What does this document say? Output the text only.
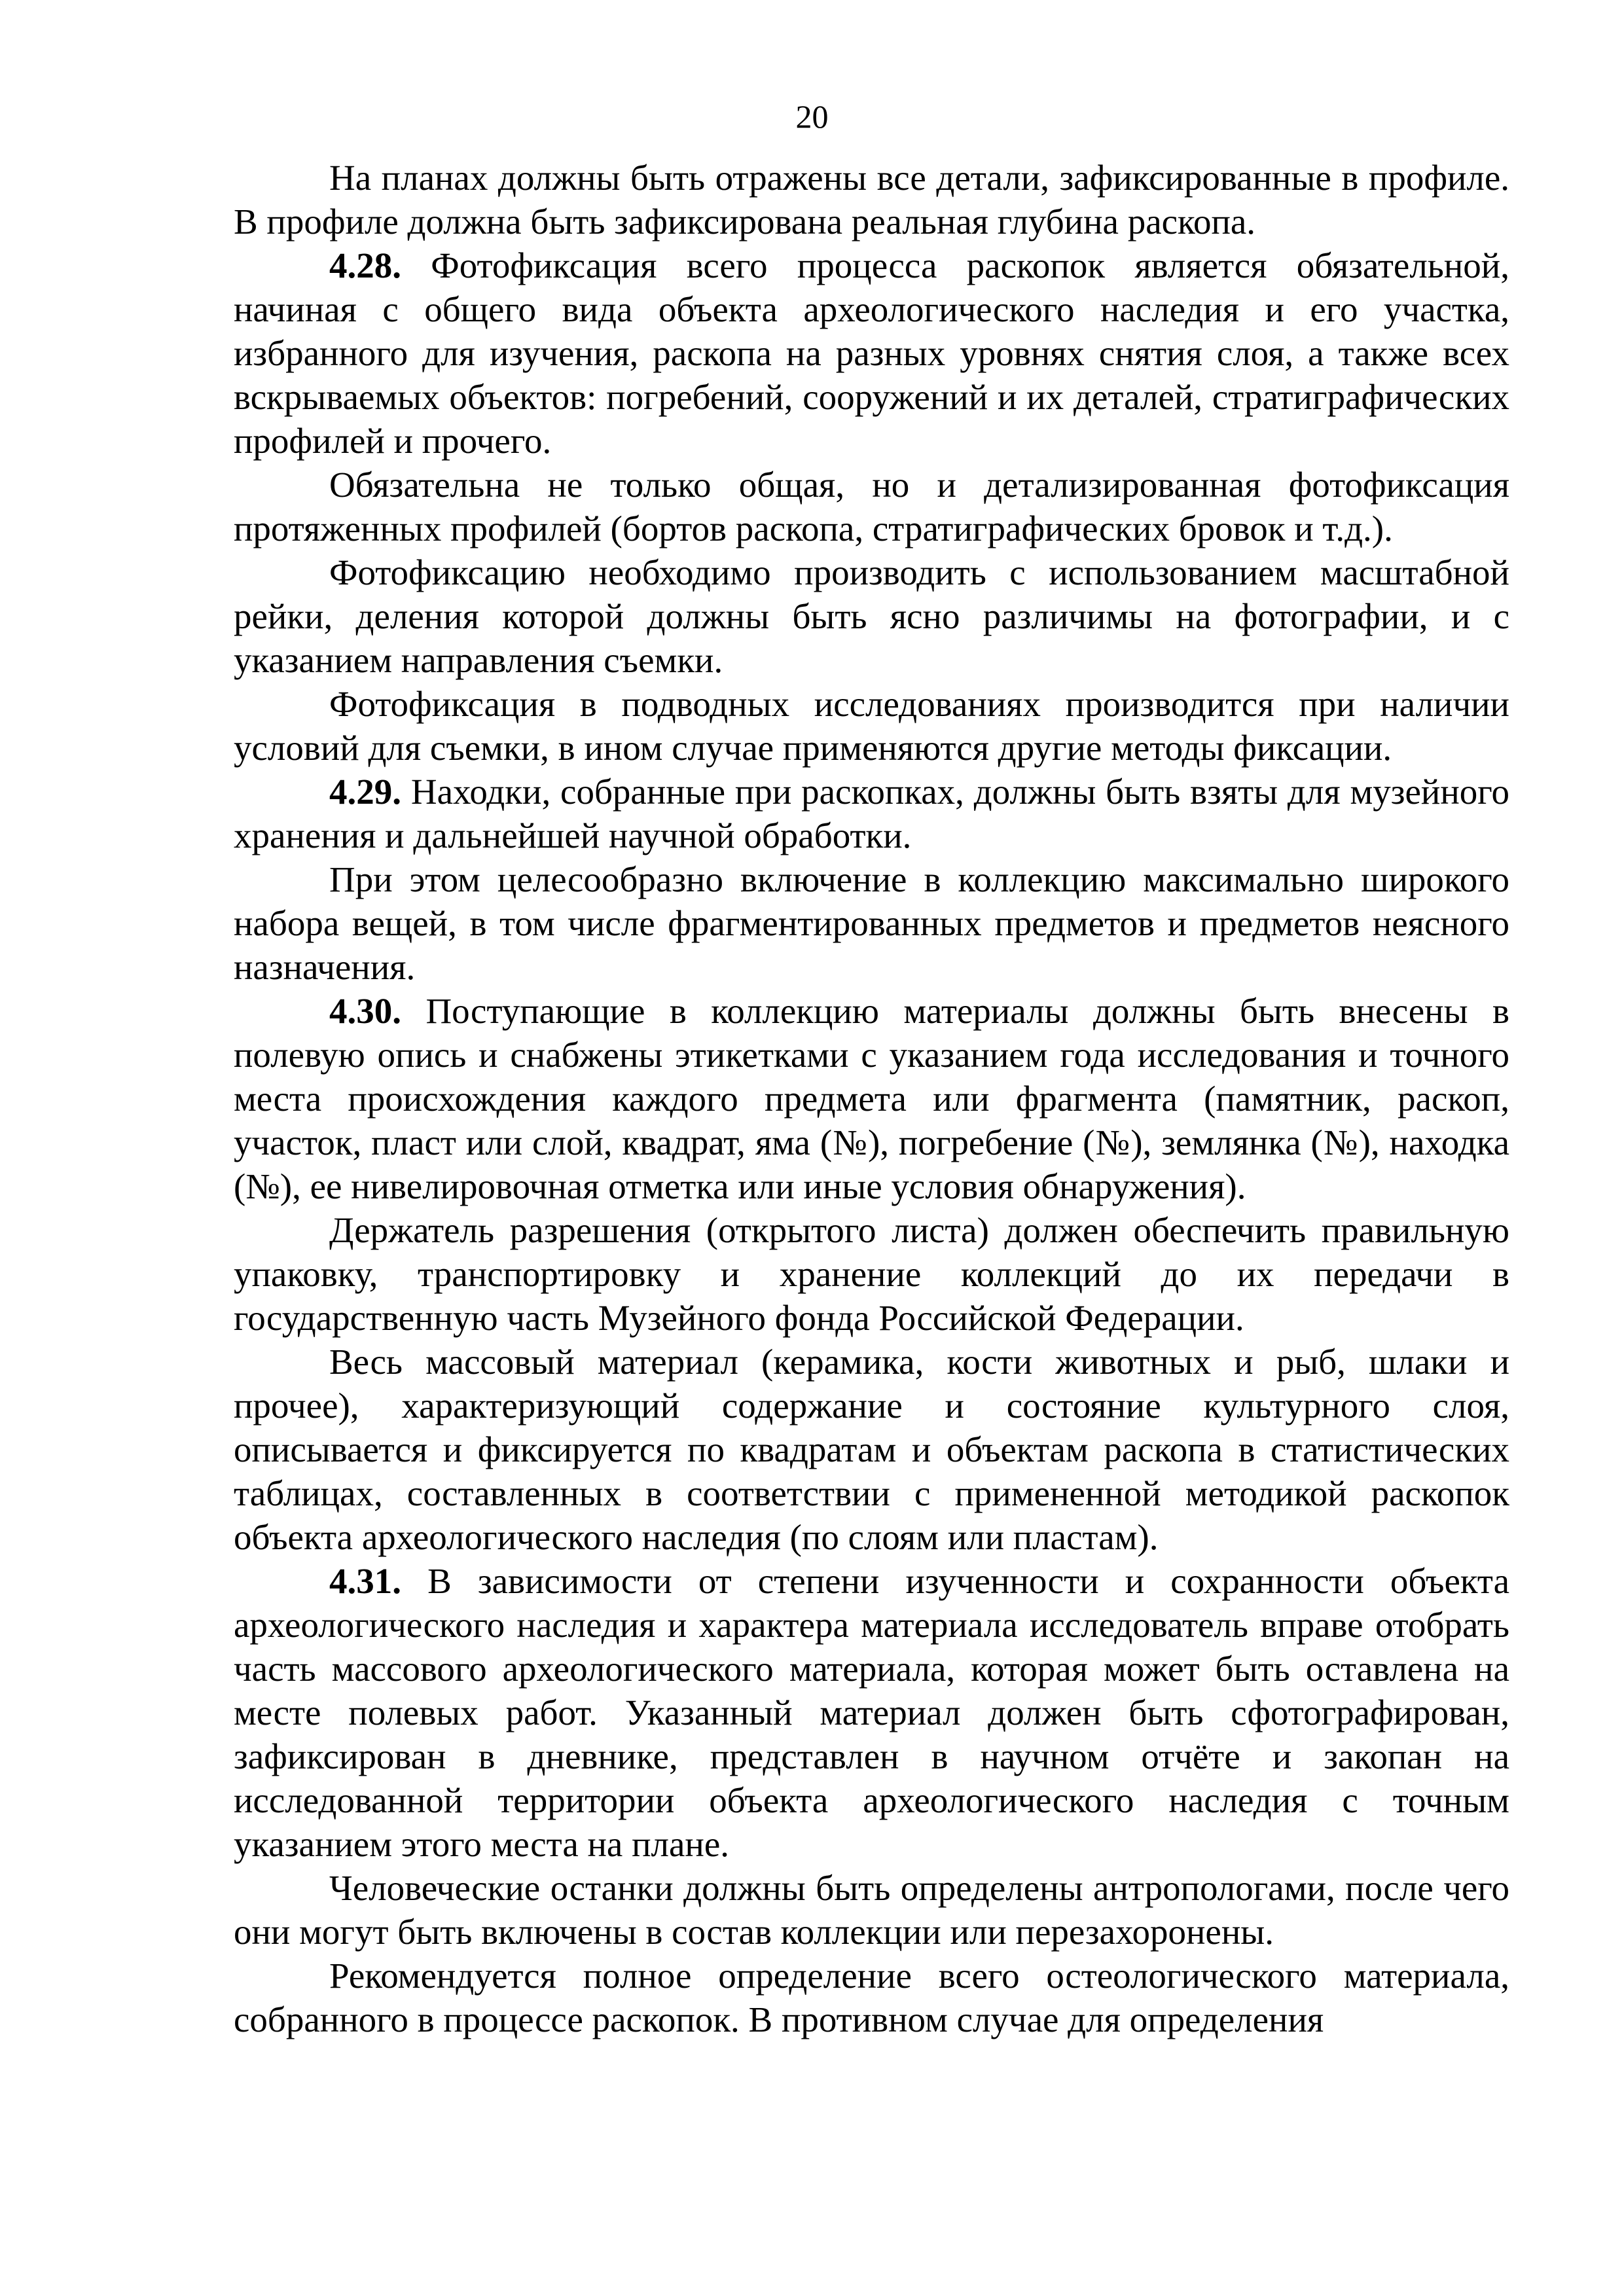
20

На планах должны быть отражены все детали, зафиксированные в профиле. В профиле должна быть зафиксирована реальная глубина раскопа.

4.28. Фотофиксация всего процесса раскопок является обязательной, начиная с общего вида объекта археологического наследия и его участка, избранного для изучения, раскопа на разных уровнях снятия слоя, а также всех вскрываемых объектов: погребений, сооружений и их деталей, стратиграфических профилей и прочего.

Обязательна не только общая, но и детализированная фотофиксация протяженных профилей (бортов раскопа, стратиграфических бровок и т.д.).

Фотофиксацию необходимо производить с использованием масштабной рейки, деления которой должны быть ясно различимы на фотографии, и с указанием направления съемки.

Фотофиксация в подводных исследованиях производится при наличии условий для съемки, в ином случае применяются другие методы фиксации.

4.29. Находки, собранные при раскопках, должны быть взяты для музейного хранения и дальнейшей научной обработки.

При этом целесообразно включение в коллекцию максимально широкого набора вещей, в том числе фрагментированных предметов и предметов неясного назначения.

4.30. Поступающие в коллекцию материалы должны быть внесены в полевую опись и снабжены этикетками с указанием года исследования и точного места происхождения каждого предмета или фрагмента (памятник, раскоп, участок, пласт или слой, квадрат, яма (№), погребение (№), землянка (№), находка (№), ее нивелировочная отметка или иные условия обнаружения).

Держатель разрешения (открытого листа) должен обеспечить правильную упаковку, транспортировку и хранение коллекций до их передачи в государственную часть Музейного фонда Российской Федерации.

Весь массовый материал (керамика, кости животных и рыб, шлаки и прочее), характеризующий содержание и состояние культурного слоя, описывается и фиксируется по квадратам и объектам раскопа в статистических таблицах, составленных в соответствии с примененной методикой раскопок объекта археологического наследия (по слоям или пластам).

4.31. В зависимости от степени изученности и сохранности объекта археологического наследия и характера материала исследователь вправе отобрать часть массового археологического материала, которая может быть оставлена на месте полевых работ. Указанный материал должен быть сфотографирован, зафиксирован в дневнике, представлен в научном отчёте и закопан на исследованной территории объекта археологического наследия с точным указанием этого места на плане.

Человеческие останки должны быть определены антропологами, после чего они могут быть включены в состав коллекции или перезахоронены.

Рекомендуется полное определение всего остеологического материала, собранного в процессе раскопок. В противном случае для определения
